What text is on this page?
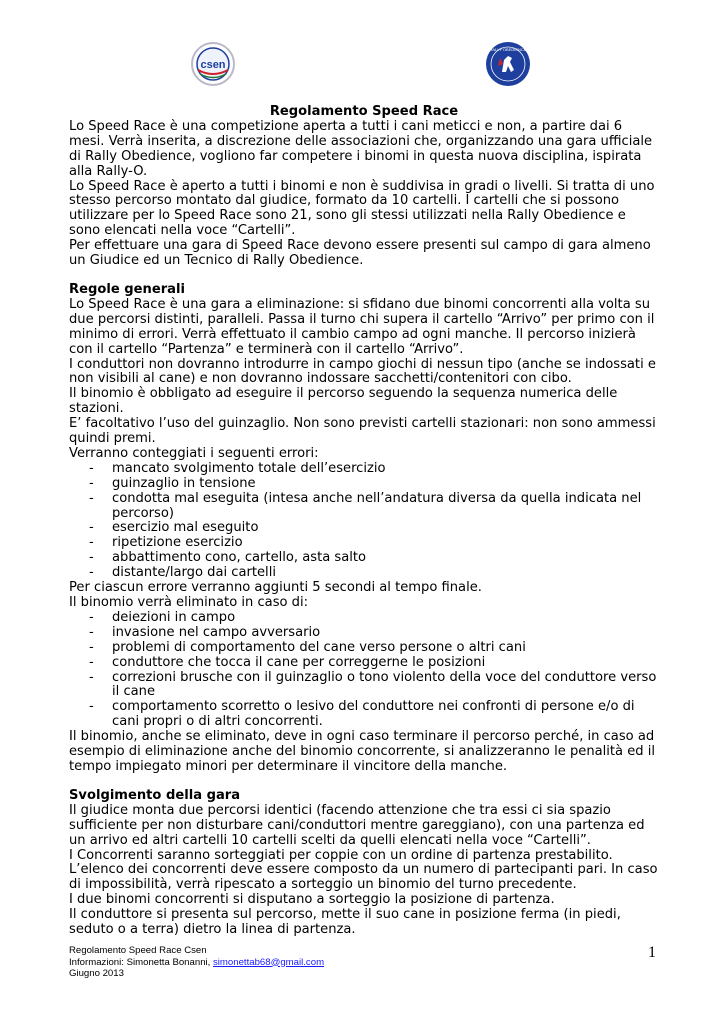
csen
RALLY OBEDIENCE

Regolamento Speed Race

Lo Speed Race è una competizione aperta a tutti i cani meticci e non, a partire dai 6 mesi. Verrà inserita, a discrezione delle associazioni che, organizzando una gara ufficiale di Rally Obedience, vogliono far competere i binomi in questa nuova disciplina, ispirata alla Rally-O.

Lo Speed Race è aperto a tutti i binomi e non è suddivisa in gradi o livelli. Si tratta di uno stesso percorso montato dal giudice, formato da 10 cartelli. I cartelli che si possono utilizzare per lo Speed Race sono 21, sono gli stessi utilizzati nella Rally Obedience e sono elencati nella voce “Cartelli”.

Per effettuare una gara di Speed Race devono essere presenti sul campo di gara almeno un Giudice ed un Tecnico di Rally Obedience.

Regole generali

Lo Speed Race è una gara a eliminazione: si sfidano due binomi concorrenti alla volta su due percorsi distinti, paralleli. Passa il turno chi supera il cartello “Arrivo” per primo con il minimo di errori. Verrà effettuato il cambio campo ad ogni manche. Il percorso inizierà con il cartello “Partenza” e terminerà con il cartello “Arrivo”.

I conduttori non dovranno introdurre in campo giochi di nessun tipo (anche se indossati e non visibili al cane) e non dovranno indossare sacchetti/contenitori con cibo.

Il binomio è obbligato ad eseguire il percorso seguendo la sequenza numerica delle stazioni.

E’ facoltativo l’uso del guinzaglio. Non sono previsti cartelli stazionari: non sono ammessi quindi premi.

Verranno conteggiati i seguenti errori:

- mancato svolgimento totale dell’esercizio
- guinzaglio in tensione
- condotta mal eseguita (intesa anche nell’andatura diversa da quella indicata nel percorso)
- esercizio mal eseguito
- ripetizione esercizio
- abbattimento cono, cartello, asta salto
- distante/largo dai cartelli

Per ciascun errore verranno aggiunti 5 secondi al tempo finale.

Il binomio verrà eliminato in caso di:

- deiezioni in campo
- invasione nel campo avversario
- problemi di comportamento del cane verso persone o altri cani
- conduttore che tocca il cane per correggerne le posizioni
- correzioni brusche con il guinzaglio o tono violento della voce del conduttore verso il cane
- comportamento scorretto o lesivo del conduttore nei confronti di persone e/o di cani propri o di altri concorrenti.

Il binomio, anche se eliminato, deve in ogni caso terminare il percorso perché, in caso ad esempio di eliminazione anche del binomio concorrente, si analizzeranno le penalità ed il tempo impiegato minori per determinare il vincitore della manche.

Svolgimento della gara

Il giudice monta due percorsi identici (facendo attenzione che tra essi ci sia spazio sufficiente per non disturbare cani/conduttori mentre gareggiano), con una partenza ed un arrivo ed altri cartelli 10 cartelli scelti da quelli elencati nella voce “Cartelli”.

I Concorrenti saranno sorteggiati per coppie con un ordine di partenza prestabilito. L’elenco dei concorrenti deve essere composto da un numero di partecipanti pari. In caso di impossibilità, verrà ripescato a sorteggio un binomio del turno precedente.

I due binomi concorrenti si disputano a sorteggio la posizione di partenza.

Il conduttore si presenta sul percorso, mette il suo cane in posizione ferma (in piedi, seduto o a terra) dietro la linea di partenza.

Regolamento Speed Race Csen
Informazioni: Simonetta Bonanni, simonettab68@gmail.com
Giugno 2013
1
